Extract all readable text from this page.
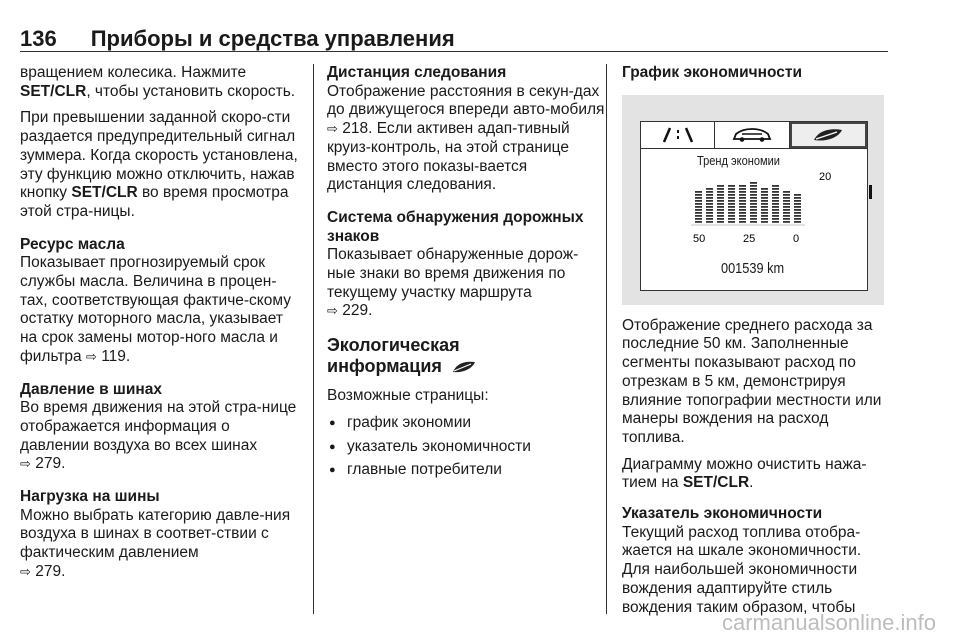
136 Приборы и средства управления

вращением колесика. Нажмите
SET/CLR, чтобы установить скорость.

При превышении заданной скоро-сти раздается предупредительный сигнал зуммера. Когда скорость установлена, эту функцию можно отключить, нажав кнопку SET/CLR во время просмотра этой стра-ницы.

Ресурс масла
Показывает прогнозируемый срок службы масла. Величина в процен-тах, соответствующая фактиче-скому остатку моторного масла, указывает на срок замены мотор-ного масла и фильтра ⇨ 119.

Давление в шинах
Во время движения на этой стра-нице отображается информация о давлении воздуха во всех шинах
⇨ 279.

Нагрузка на шины
Можно выбрать категорию давле-ния воздуха в шинах в соответ-ствии с фактическим давлением
⇨ 279.

Дистанция следования
Отображение расстояния в секун-дах до движущегося впереди авто-мобиля ⇨ 218. Если активен адап-тивный круиз-контроль, на этой странице вместо этого показы-вается дистанция следования.

Система обнаружения дорожных знаков
Показывает обнаруженные дорож-ные знаки во время движения по текущему участку маршрута
⇨ 229.

Экологическая
информация

Возможные страницы:

● график экономии
● указатель экономичности
● главные потребители
График экономичности
Тренд экономии
20
50	25	0
001539 km

Отображение среднего расхода за последние 50 км. Заполненные сегменты показывают расход по отрезкам в 5 км, демонстрируя влияние топографии местности или манеры вождения на расход топлива.

Диаграмму можно очистить нажа-тием на SET/CLR.

Указатель экономичности
Текущий расход топлива отобра-жается на шкале экономичности. Для наибольшей экономичности вождения адаптируйте стиль вождения таким образом, чтобы

carmanualsonline.info
